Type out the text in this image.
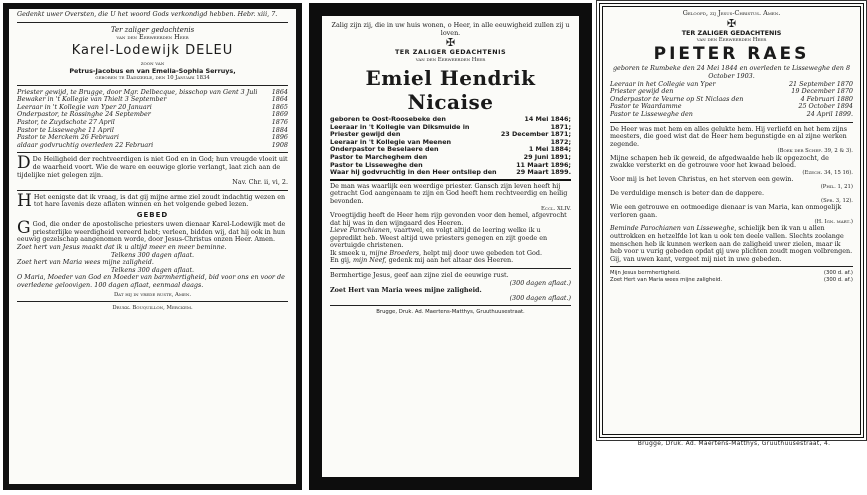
Gedenkt uwer Oversten, die U het woord Gods verkondigd hebben. Hebr. xiii, 7.

Ter zaliger gedachtenis

van den Eerweerden Heer

Karel-Lodewijk DELEU

zoon van

Petrus-Jacobus en van Emelia-Sophia Serruys,

geboren te Dadizeele, den 10 Januari 1834

Priester gewijd, te Brugge, door Mgr. Delbecque, bisschop van Gent 3 Juli 1864
Bewaker in 't Kollegie van Thielt 3 September	1864
Leeraar in 't Kollegie van Yper 20 Januari	1865
Onderpastor, te Rossinghe 24 September	1869
Pastor, te Zuydschote 27 April	1876
Pastor te Lisseweghe 11 April	1884
Pastor te Merckem 26 Februari	1896
aldaar godvruchtig overleden 22 Februari	1908

D De Heiligheid der rechtveerdigen is niet God en in God; hun vreugde vloeit uit de waarheid voort. Wie de ware en eeuwige glorie verlangt, laat zich aan de tijdelijke niet gelegen zijn.

Nav. Chr. ii, vi, 2.

H Het eenigste dat ik vraag, is dat gij mijne arme ziel zoudt indachtig wezen en tot hare lavenis deze aflaten winnen en het volgende gebed lezen.

GEBED

G God, die onder de apostolische priesters uwen dienaar Karel-Lodewijk met de priesterlijke weerdigheid vereerd hebt; verleen, bidden wij, dat hij ook in hun eeuwig gezelschap aangenomen worde, door Jesus-Christus onzen Heer. Amen.

Zoet hert van Jesus maakt dat ik u altijd meer en meer beminne.

Telkens 300 dagen aflaat.

Zoet hert van Maria wees mijne zaligheid.

Telkens 300 dagen aflaat.

O Maria, Moeder van God en Moeder van barmhertigheid, bid voor ons en voor de overledene geloovigen. 100 dagen aflaat, eenmaal daags.

Dat hij in vrede ruste, Amen.

Drukk. Bouquillon, Merckem.

Zalig zijn zij, die in uw huis wonen, o Heer, in alle eeuwigheid zullen zij u loven.

✠

TER ZALIGER GEDACHTENIS

van den Eerweerden Heer

Emiel Hendrik Nicaise
geboren te Oost-Roosebeke den	14 Mei 1846;
Leeraar in 't Kollegie van Diksmuide in	1871;
Priester gewijd den	23 December 1871;
Leeraar in 't Kollegie van Meenen	1872;
Onderpastor te Beselaere den	1 Mei 1884;
Pastor te Marcheghem den	29 Juni 1891;
Pastor te Lisseweghe den	11 Maart 1896;
Waar hij godvruchtig in den Heer ontsliep den	29 Maart 1899.

De man was waarlijk een weerdige priester. Gansch zijn leven heeft hij getracht God aangenaam te zijn en God heeft hem rechtveerdig en heilig bevonden.

Eccl. XLIV.

Vroegtijdig heeft de Heer hem rijp gevonden voor den hemel, afgevrocht dat hij was in den wijngaard des Heeren.

Lieve Parochianen, vaartwel, en volgt altijd de leering welke ik u gepredikt heb. Weest altijd uwe priesters genegen en zijt goede en overtuigde christenen.

Ik smeek u, mijne Broeders, helpt mij door uwe gebeden tot God.

En gij, mijn Neef, gedenk mij aan het altaar des Heeren.

Bermhertige Jesus, geef aan zijne ziel de eeuwige rust.

(300 dagen aflaat.)

Zoet Hert van Maria wees mijne zaligheid.

(300 dagen aflaat.)

Brugge, Druk. Ad. Maertens-Matthys, Gruuthuusestraat.

Geloofd, zij Jesus-Christus. Amen.

✠

TER ZALIGER GEDACHTENIS

van den Eerweerden Heer

PIETER RAES

geboren te Rumbeke den 24 Mei 1844 en overleden te Lisseweghe den 8 October 1903.

Leeraar in het Collegie van Yper	21 September 1870
Priester gewijd den	19 December 1870
Onderpastor te Veurne op St Niclaas den	4 Februari 1880
Pastor te Waardamme	25 October 1894
Pastor te Lisseweghe den	24 April 1899.

De Heer was met hem en alles gelukte hem. Hij verliefd en het hem zijns meesters, die goed wist dat de Heer hem begunstigde en al zijne werken zegende.

(Boek der Schep. 39, 2 & 3).

Mijne schapen heb ik geweid, de afgedwaalde heb ik opgezocht, de zwakke versterkt en de getrouwe voor het kwaad beloed.

(Ezech. 34, 15 16).

Voor mij is het leven Christus, en het sterven een gewin.

(Phil. 1, 21)

De verduldige mensch is beter dan de dappere.

(Spr. 3, 12).

Wie een getrouwe en ootmoedige dienaar is van Maria, kan onmogelijk verloren gaan.

(H. Ign. mart.)

Beminde Parochianen van Lisseweghe, schielijk ben ik van u allen outtrokken en hetzelfde lot kan u ook ten deele vallen. Slechts zoolange menschen heb ik kunnen werken aan de zaligheid uwer zielen, maar ik heb voor u vurig gebeden opdat gij uwe plichten zoudt mogen volbrengen. Gij, van uwen kant, vergeet mij niet in uwe gebeden.

Mijn Jesus bermhertigheid.	(300 d. af.)
Zoet Hert van Maria wees mijne zaligheid.	(300 d. af.)
Brugge, Druk. Ad. Maertens-Matthys, Gruuthuusestraat, 4.
